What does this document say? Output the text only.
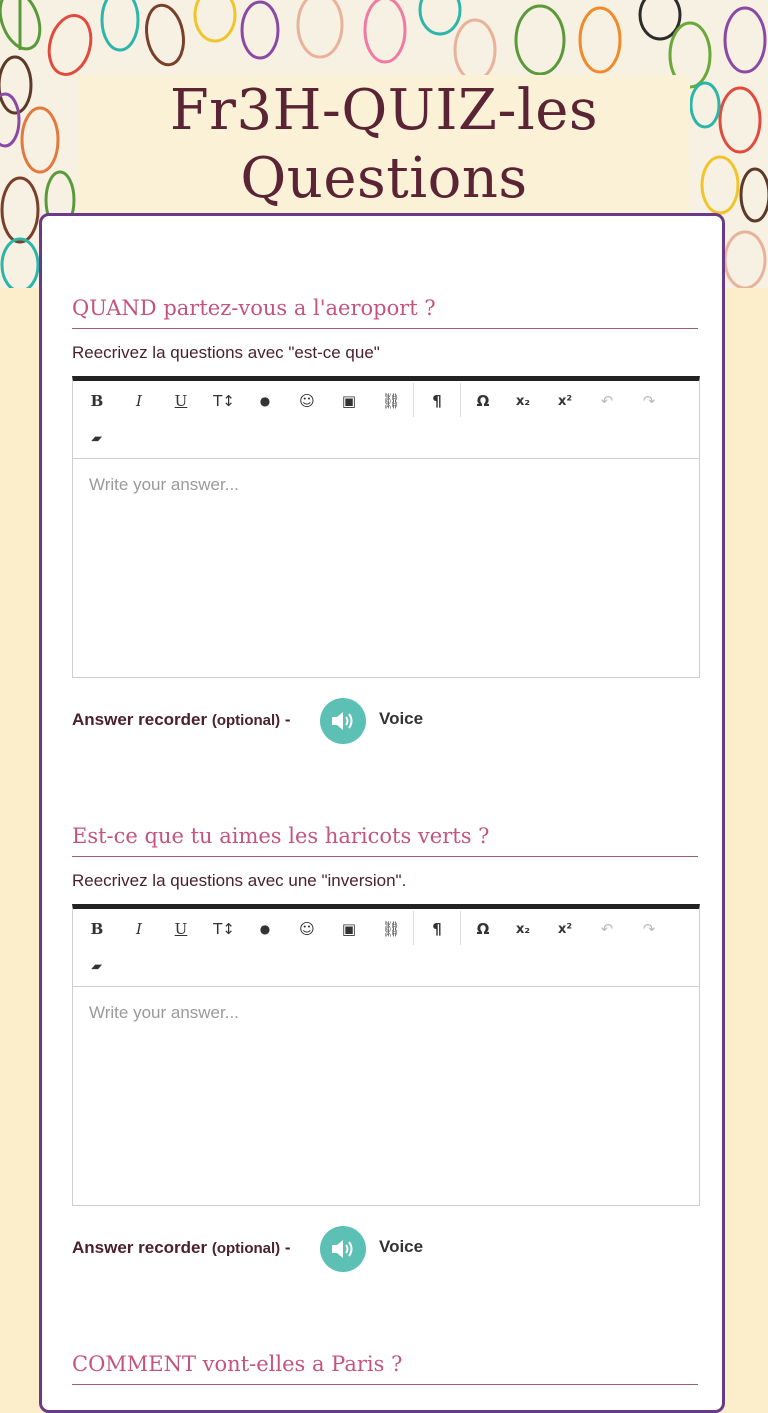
Fr3H-QUIZ-les Questions
QUAND partez-vous a l'aeroport ?
Reecrivez la questions avec "est-ce que"
B	I	U	T↕	●	☺	▣	⛓	¶	Ω	x₂	x²	↶	↷
▰
Write your answer...
Answer recorder (optional) -	Voice
Est-ce que tu aimes les haricots verts ?
Reecrivez la questions avec une "inversion".
B	I	U	T↕	●	☺	▣	⛓	¶	Ω	x₂	x²	↶	↷
▰
Write your answer...
Answer recorder (optional) -	Voice
COMMENT vont-elles a Paris ?
